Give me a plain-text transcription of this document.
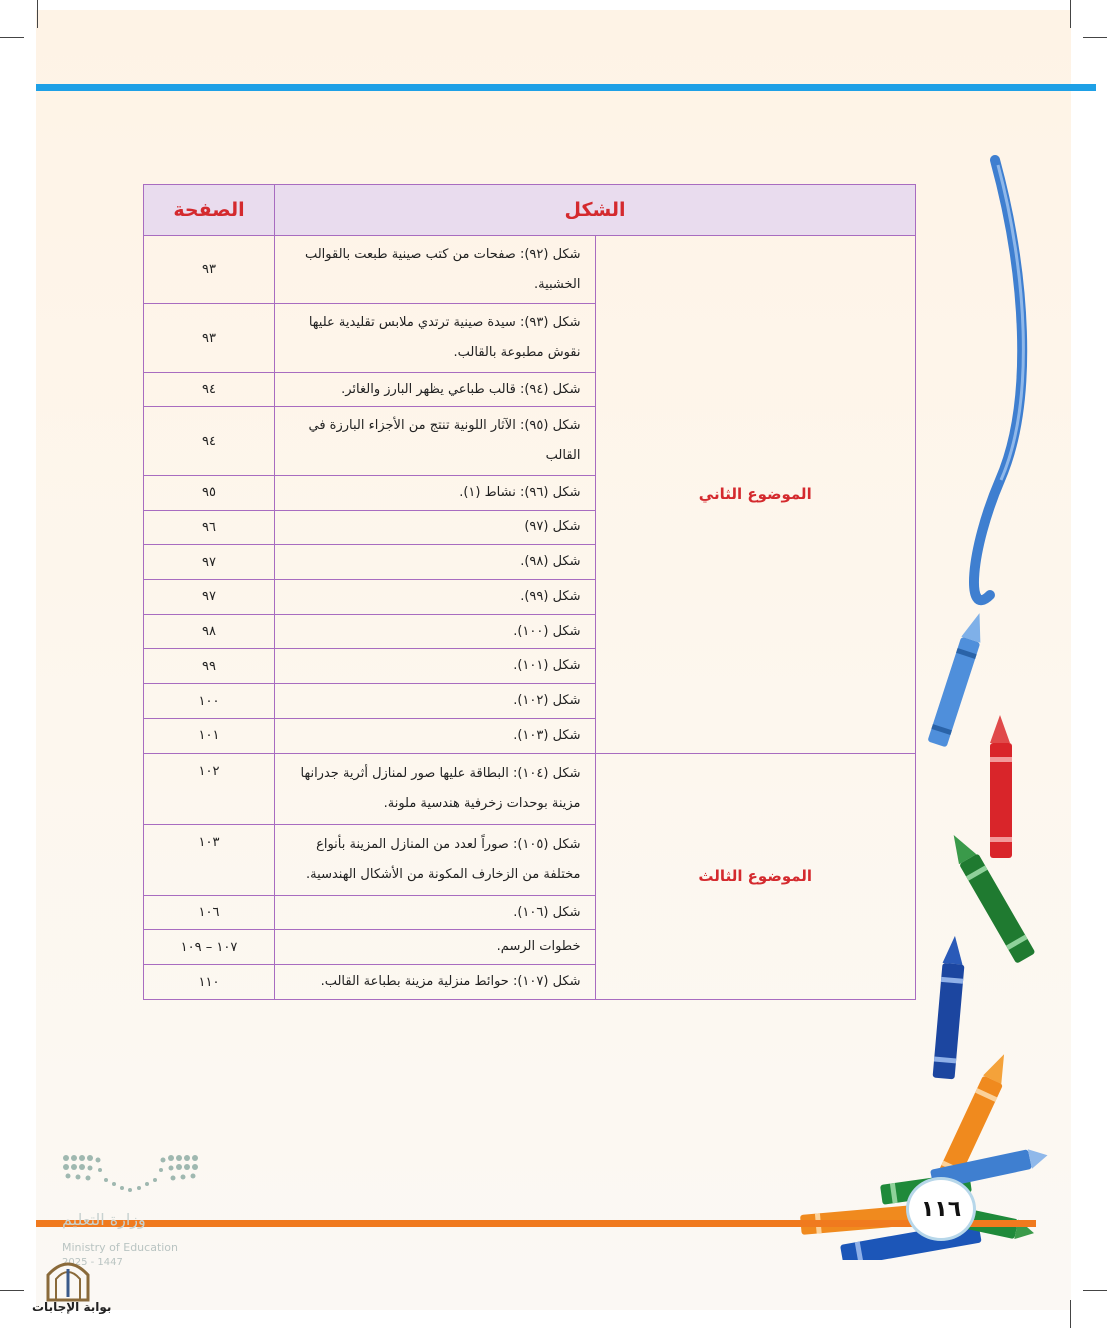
الشكل		الصفحة
الموضوع الثاني	شكل (٩٢): صفحات من كتب صينية طبعت بالقوالب الخشبية.	٩٣
	شكل (٩٣): سيدة صينية ترتدي ملابس تقليدية عليها نقوش مطبوعة بالقالب.	٩٣
	شكل (٩٤): قالب طباعي يظهر البارز والغائر.	٩٤
	شكل (٩٥): الآثار اللونية تنتج من الأجزاء البارزة في القالب	٩٤
	شكل (٩٦): نشاط (١).	٩٥
	شكل (٩٧)	٩٦
	شكل (٩٨).	٩٧
	شكل (٩٩).	٩٧
	شكل (١٠٠).	٩٨
	شكل (١٠١).	٩٩
	شكل (١٠٢).	١٠٠
	شكل (١٠٣).	١٠١
الموضوع الثالث	شكل (١٠٤): البطاقة عليها صور لمنازل أثرية جدرانها مزينة بوحدات زخرفية هندسية ملونة.	١٠٢
	شكل (١٠٥): صوراً لعدد من المنازل المزينة بأنواع مختلفة من الزخارف المكونة من الأشكال الهندسية.	١٠٣
	شكل (١٠٦).	١٠٦
	خطوات الرسم.	١٠٧ – ١٠٩
	شكل (١٠٧): حوائط منزلية مزينة بطباعة القالب.	١١٠
١١٦
وزارة التعليم
Ministry of Education
2025 - 1447
بوابة الإجابات
